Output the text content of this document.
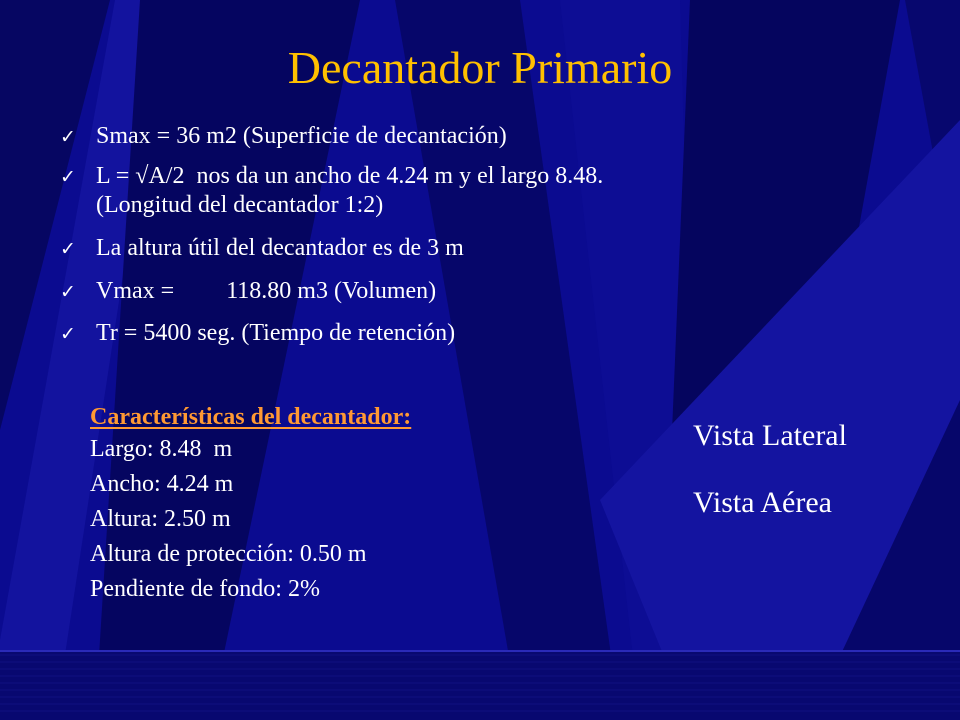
Decantador Primario
✓ Smax = 36 m2 (Superficie de decantación)
✓ L = √A/2  nos da un ancho de 4.24 m y el largo 8.48.
(Longitud del decantador 1:2)
✓ La altura útil del decantador es de 3 m
✓ Vmax = 118.80 m3 (Volumen)
✓ Tr = 5400 seg. (Tiempo de retención)
Características del decantador:
Largo: 8.48  m
Ancho: 4.24 m
Altura: 2.50 m
Altura de protección: 0.50 m
Pendiente de fondo: 2%
Vista Lateral
Vista Aérea
